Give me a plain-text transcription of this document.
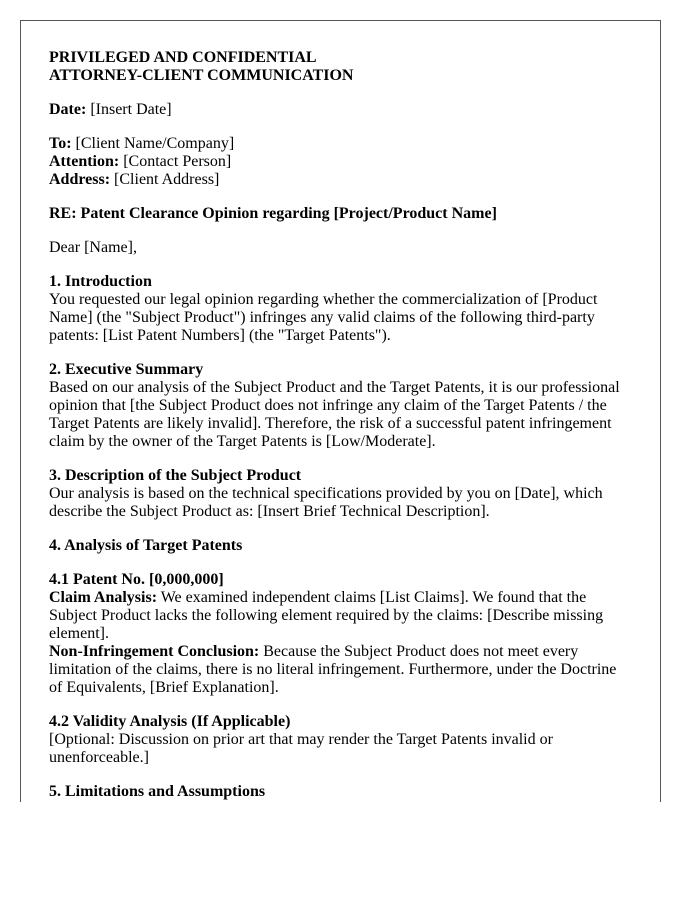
PRIVILEGED AND CONFIDENTIAL
ATTORNEY-CLIENT COMMUNICATION

Date: [Insert Date]

To: [Client Name/Company]
Attention: [Contact Person]
Address: [Client Address]

RE: Patent Clearance Opinion regarding [Project/Product Name]

Dear [Name],

1. Introduction
You requested our legal opinion regarding whether the commercialization of [Product Name] (the "Subject Product") infringes any valid claims of the following third-party patents: [List Patent Numbers] (the "Target Patents").

2. Executive Summary
Based on our analysis of the Subject Product and the Target Patents, it is our professional opinion that [the Subject Product does not infringe any claim of the Target Patents / the Target Patents are likely invalid]. Therefore, the risk of a successful patent infringement claim by the owner of the Target Patents is [Low/Moderate].

3. Description of the Subject Product
Our analysis is based on the technical specifications provided by you on [Date], which describe the Subject Product as: [Insert Brief Technical Description].

4. Analysis of Target Patents

4.1 Patent No. [0,000,000]
Claim Analysis: We examined independent claims [List Claims]. We found that the Subject Product lacks the following element required by the claims: [Describe missing element].
Non-Infringement Conclusion: Because the Subject Product does not meet every limitation of the claims, there is no literal infringement. Furthermore, under the Doctrine of Equivalents, [Brief Explanation].

4.2 Validity Analysis (If Applicable)
[Optional: Discussion on prior art that may render the Target Patents invalid or unenforceable.]

5. Limitations and Assumptions
